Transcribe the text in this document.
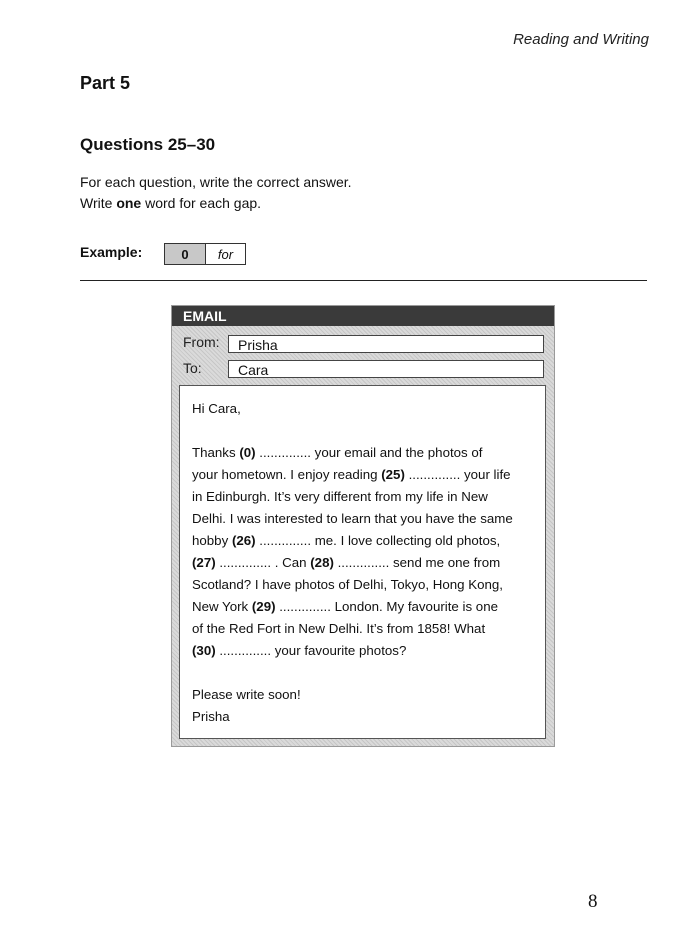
Reading and Writing
Part 5
Questions 25–30
For each question, write the correct answer.
Write one word for each gap.
Example:	0	for
EMAIL
From:	Prisha
To:	Cara

Hi Cara,

Thanks (0) .............. your email and the photos of

your hometown. I enjoy reading (25) .............. your life

in Edinburgh. It’s very different from my life in New

Delhi. I was interested to learn that you have the same

hobby (26) .............. me. I love collecting old photos,

(27) .............. . Can (28) .............. send me one from

Scotland? I have photos of Delhi, Tokyo, Hong Kong,

New York (29) .............. London. My favourite is one

of the Red Fort in New Delhi. It’s from 1858! What

(30) .............. your favourite photos?

Please write soon!

Prisha

8
